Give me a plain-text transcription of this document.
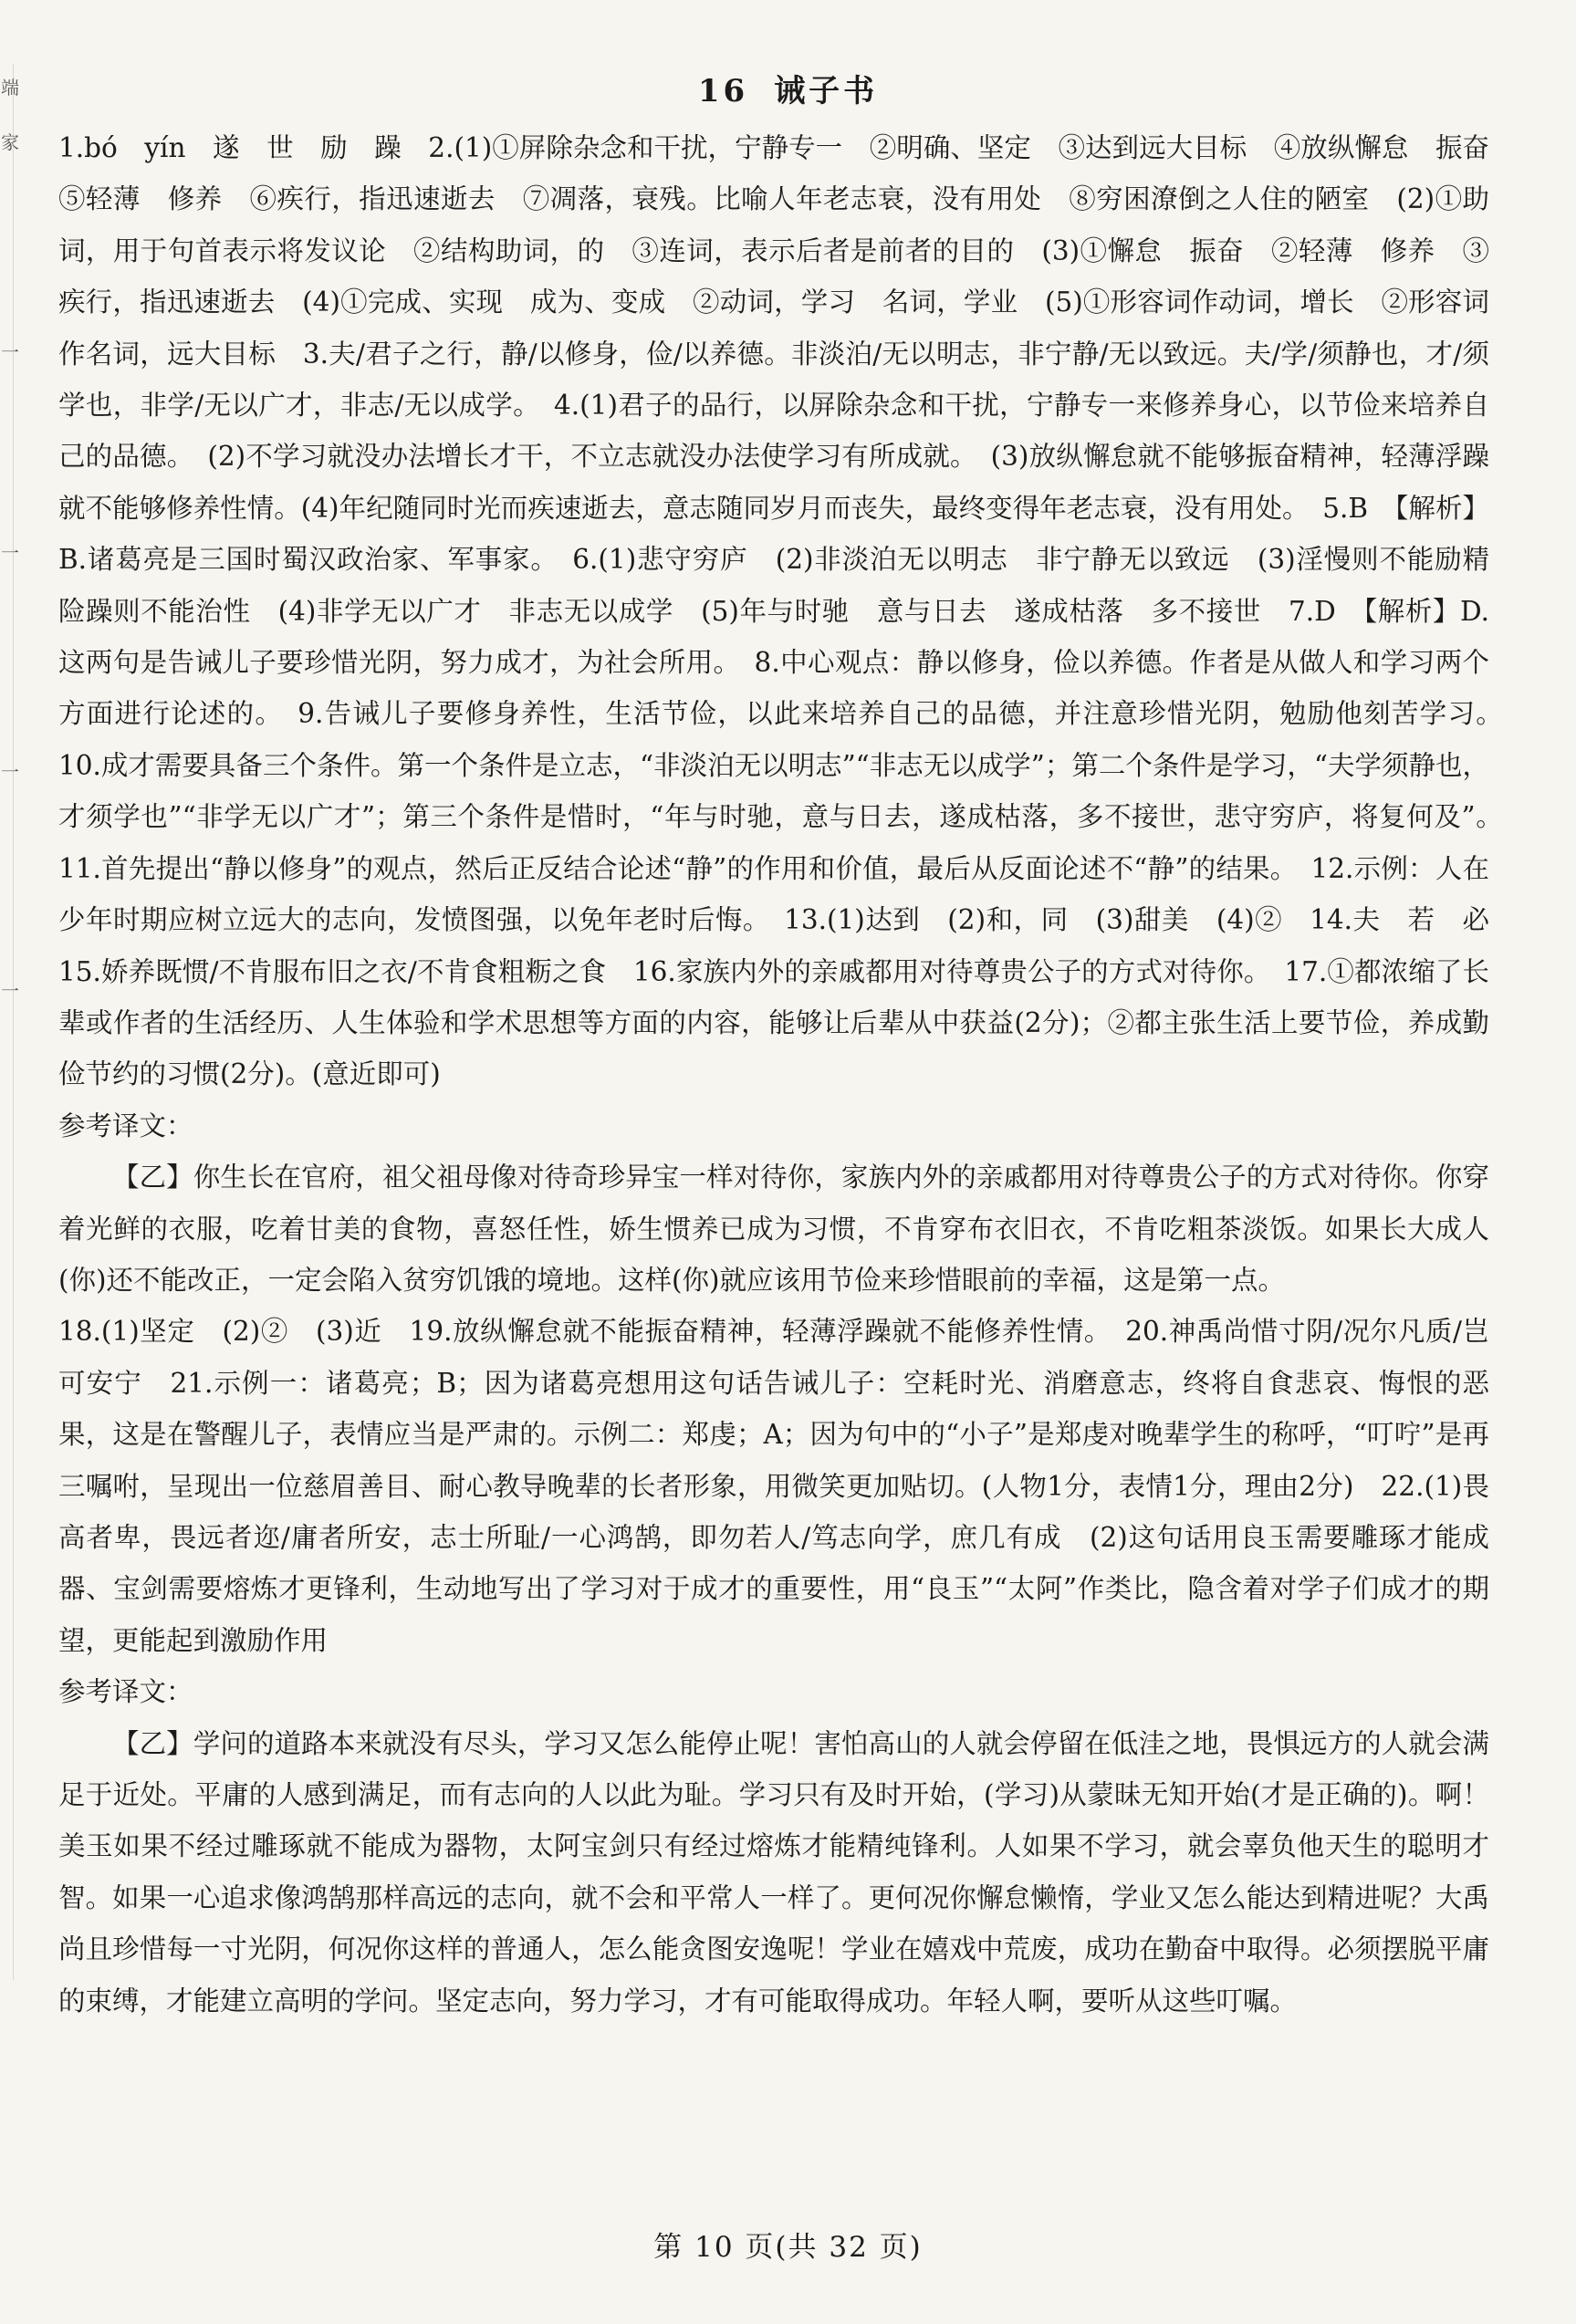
端
家
一
一
一
一
16 诫子书

1.bó　yín　遂　世　励　躁　2.(1)①屏除杂念和干扰，宁静专一　②明确、坚定　③达到远大目标　④放纵懈怠　振奋　⑤轻薄　修养　⑥疾行，指迅速逝去　⑦凋落，衰残。比喻人年老志衰，没有用处　⑧穷困潦倒之人住的陋室　(2)①助词，用于句首表示将发议论　②结构助词，的　③连词，表示后者是前者的目的　(3)①懈怠　振奋　②轻薄　修养　③疾行，指迅速逝去　(4)①完成、实现　成为、变成　②动词，学习　名词，学业　(5)①形容词作动词，增长　②形容词作名词，远大目标　3.夫/君子之行，静/以修身，俭/以养德。非淡泊/无以明志，非宁静/无以致远。夫/学/须静也，才/须学也，非学/无以广才，非志/无以成学。　4.(1)君子的品行，以屏除杂念和干扰，宁静专一来修养身心，以节俭来培养自己的品德。　(2)不学习就没办法增长才干，不立志就没办法使学习有所成就。　(3)放纵懈怠就不能够振奋精神，轻薄浮躁就不能够修养性情。(4)年纪随同时光而疾速逝去，意志随同岁月而丧失，最终变得年老志衰，没有用处。　5.B　【解析】B.诸葛亮是三国时蜀汉政治家、军事家。　6.(1)悲守穷庐　(2)非淡泊无以明志　非宁静无以致远　(3)淫慢则不能励精　险躁则不能治性　(4)非学无以广才　非志无以成学　(5)年与时驰　意与日去　遂成枯落　多不接世　7.D　【解析】D.这两句是告诫儿子要珍惜光阴，努力成才，为社会所用。　8.中心观点：静以修身，俭以养德。作者是从做人和学习两个方面进行论述的。　9.告诫儿子要修身养性，生活节俭，以此来培养自己的品德，并注意珍惜光阴，勉励他刻苦学习。　10.成才需要具备三个条件。第一个条件是立志，“非淡泊无以明志”“非志无以成学”；第二个条件是学习，“夫学须静也，才须学也”“非学无以广才”；第三个条件是惜时，“年与时驰，意与日去，遂成枯落，多不接世，悲守穷庐，将复何及”。　11.首先提出“静以修身”的观点，然后正反结合论述“静”的作用和价值，最后从反面论述不“静”的结果。　12.示例：人在少年时期应树立远大的志向，发愤图强，以免年老时后悔。　13.(1)达到　(2)和，同　(3)甜美　(4)②　14.夫　若　必　15.娇养既惯/不肯服布旧之衣/不肯食粗粝之食　16.家族内外的亲戚都用对待尊贵公子的方式对待你。　17.①都浓缩了长辈或作者的生活经历、人生体验和学术思想等方面的内容，能够让后辈从中获益(2分)；②都主张生活上要节俭，养成勤俭节约的习惯(2分)。(意近即可)

参考译文：

【乙】你生长在官府，祖父祖母像对待奇珍异宝一样对待你，家族内外的亲戚都用对待尊贵公子的方式对待你。你穿着光鲜的衣服，吃着甘美的食物，喜怒任性，娇生惯养已成为习惯，不肯穿布衣旧衣，不肯吃粗茶淡饭。如果长大成人(你)还不能改正，一定会陷入贫穷饥饿的境地。这样(你)就应该用节俭来珍惜眼前的幸福，这是第一点。

18.(1)坚定　(2)②　(3)近　19.放纵懈怠就不能振奋精神，轻薄浮躁就不能修养性情。　20.神禹尚惜寸阴/况尔凡质/岂可安宁　21.示例一：诸葛亮；B；因为诸葛亮想用这句话告诫儿子：空耗时光、消磨意志，终将自食悲哀、悔恨的恶果，这是在警醒儿子，表情应当是严肃的。示例二：郑虔；A；因为句中的“小子”是郑虔对晚辈学生的称呼，“叮咛”是再三嘱咐，呈现出一位慈眉善目、耐心教导晚辈的长者形象，用微笑更加贴切。(人物1分，表情1分，理由2分)　22.(1)畏高者卑，畏远者迩/庸者所安，志士所耻/一心鸿鹄，即勿若人/笃志向学，庶几有成　(2)这句话用良玉需要雕琢才能成器、宝剑需要熔炼才更锋利，生动地写出了学习对于成才的重要性，用“良玉”“太阿”作类比，隐含着对学子们成才的期望，更能起到激励作用

参考译文：

【乙】学问的道路本来就没有尽头，学习又怎么能停止呢！害怕高山的人就会停留在低洼之地，畏惧远方的人就会满足于近处。平庸的人感到满足，而有志向的人以此为耻。学习只有及时开始，(学习)从蒙昧无知开始(才是正确的)。啊！美玉如果不经过雕琢就不能成为器物，太阿宝剑只有经过熔炼才能精纯锋利。人如果不学习，就会辜负他天生的聪明才智。如果一心追求像鸿鹄那样高远的志向，就不会和平常人一样了。更何况你懈怠懒惰，学业又怎么能达到精进呢？大禹尚且珍惜每一寸光阴，何况你这样的普通人，怎么能贪图安逸呢！学业在嬉戏中荒废，成功在勤奋中取得。必须摆脱平庸的束缚，才能建立高明的学问。坚定志向，努力学习，才有可能取得成功。年轻人啊，要听从这些叮嘱。

第 10 页(共 32 页)
